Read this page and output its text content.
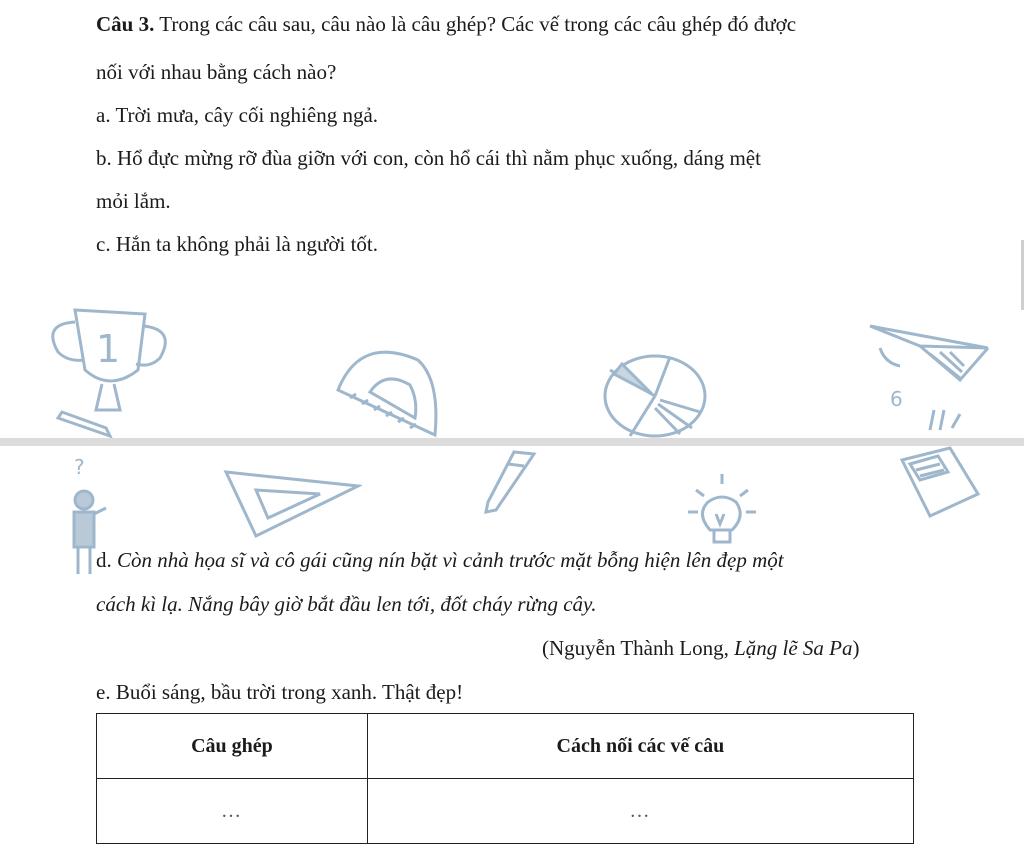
Câu 3. Trong các câu sau, câu nào là câu ghép? Các vế trong các câu ghép đó được
nối với nhau bằng cách nào?
a. Trời mưa, cây cối nghiêng ngả.
b. Hổ đực mừng rỡ đùa giỡn với con, còn hổ cái thì nằm phục xuống, dáng mệt
mỏi lắm.
c. Hắn ta không phải là người tốt.
1
6
?
d. Còn nhà họa sĩ và cô gái cũng nín bặt vì cảnh trước mặt bỗng hiện lên đẹp một
cách kì lạ. Nắng bây giờ bắt đầu len tới, đốt cháy rừng cây.
(Nguyễn Thành Long, Lặng lẽ Sa Pa)
e. Buổi sáng, bầu trời trong xanh. Thật đẹp!
Câu ghép	Cách nối các vế câu
…	…
